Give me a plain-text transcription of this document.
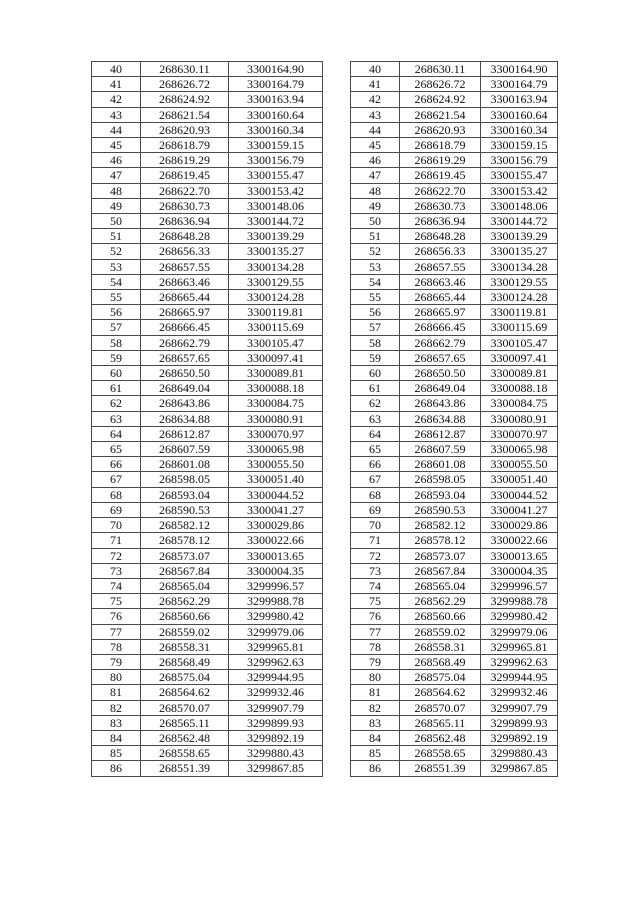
40	268630.11	3300164.90
41	268626.72	3300164.79
42	268624.92	3300163.94
43	268621.54	3300160.64
44	268620.93	3300160.34
45	268618.79	3300159.15
46	268619.29	3300156.79
47	268619.45	3300155.47
48	268622.70	3300153.42
49	268630.73	3300148.06
50	268636.94	3300144.72
51	268648.28	3300139.29
52	268656.33	3300135.27
53	268657.55	3300134.28
54	268663.46	3300129.55
55	268665.44	3300124.28
56	268665.97	3300119.81
57	268666.45	3300115.69
58	268662.79	3300105.47
59	268657.65	3300097.41
60	268650.50	3300089.81
61	268649.04	3300088.18
62	268643.86	3300084.75
63	268634.88	3300080.91
64	268612.87	3300070.97
65	268607.59	3300065.98
66	268601.08	3300055.50
67	268598.05	3300051.40
68	268593.04	3300044.52
69	268590.53	3300041.27
70	268582.12	3300029.86
71	268578.12	3300022.66
72	268573.07	3300013.65
73	268567.84	3300004.35
74	268565.04	3299996.57
75	268562.29	3299988.78
76	268560.66	3299980.42
77	268559.02	3299979.06
78	268558.31	3299965.81
79	268568.49	3299962.63
80	268575.04	3299944.95
81	268564.62	3299932.46
82	268570.07	3299907.79
83	268565.11	3299899.93
84	268562.48	3299892.19
85	268558.65	3299880.43
86	268551.39	3299867.85
40	268630.11	3300164.90
41	268626.72	3300164.79
42	268624.92	3300163.94
43	268621.54	3300160.64
44	268620.93	3300160.34
45	268618.79	3300159.15
46	268619.29	3300156.79
47	268619.45	3300155.47
48	268622.70	3300153.42
49	268630.73	3300148.06
50	268636.94	3300144.72
51	268648.28	3300139.29
52	268656.33	3300135.27
53	268657.55	3300134.28
54	268663.46	3300129.55
55	268665.44	3300124.28
56	268665.97	3300119.81
57	268666.45	3300115.69
58	268662.79	3300105.47
59	268657.65	3300097.41
60	268650.50	3300089.81
61	268649.04	3300088.18
62	268643.86	3300084.75
63	268634.88	3300080.91
64	268612.87	3300070.97
65	268607.59	3300065.98
66	268601.08	3300055.50
67	268598.05	3300051.40
68	268593.04	3300044.52
69	268590.53	3300041.27
70	268582.12	3300029.86
71	268578.12	3300022.66
72	268573.07	3300013.65
73	268567.84	3300004.35
74	268565.04	3299996.57
75	268562.29	3299988.78
76	268560.66	3299980.42
77	268559.02	3299979.06
78	268558.31	3299965.81
79	268568.49	3299962.63
80	268575.04	3299944.95
81	268564.62	3299932.46
82	268570.07	3299907.79
83	268565.11	3299899.93
84	268562.48	3299892.19
85	268558.65	3299880.43
86	268551.39	3299867.85
